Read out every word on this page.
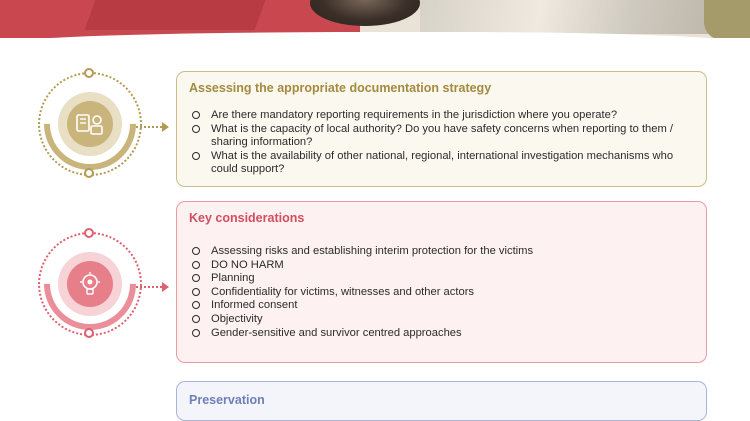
Assessing the appropriate documentation strategy
Are there mandatory reporting requirements in the jurisdiction where you operate?
What is the capacity of local authority? Do you have safety concerns when reporting to them / sharing information?
What is the availability of other national, regional, international investigation mechanisms who could support?
Key considerations
Assessing risks and establishing interim protection for the victims
DO NO HARM
Planning
Confidentiality for victims, witnesses and other actors
Informed consent
Objectivity
Gender-sensitive and survivor centred approaches
Preservation
